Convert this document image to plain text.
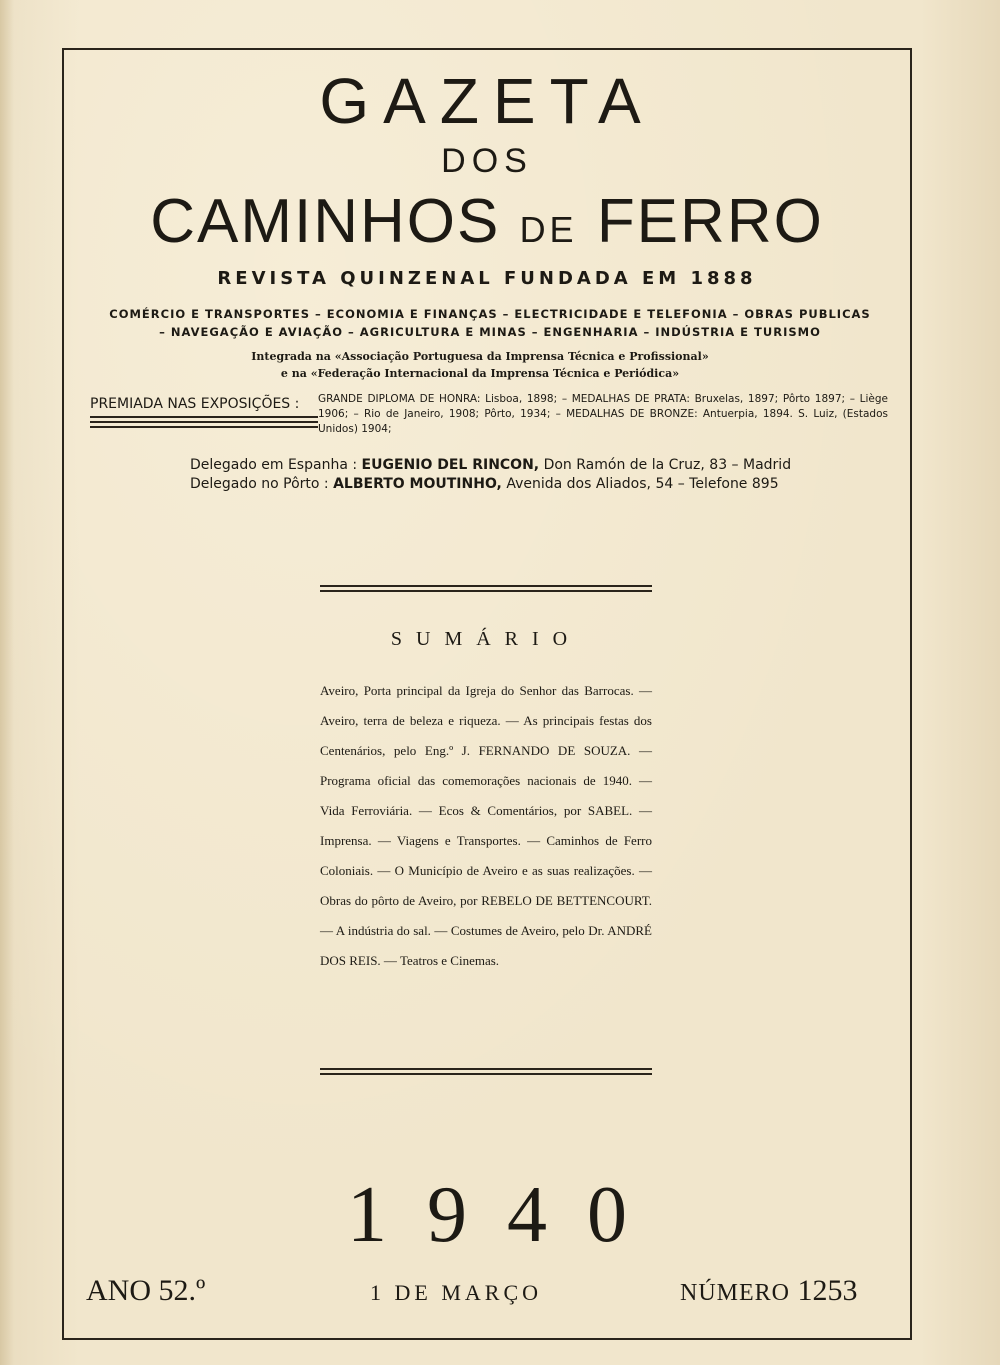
GAZETA
DOS
CAMINHOS DE FERRO
REVISTA QUINZENAL FUNDADA EM 1888
COMÉRCIO E TRANSPORTES – ECONOMIA E FINANÇAS – ELECTRICIDADE E TELEFONIA – OBRAS PUBLICAS
– NAVEGAÇÃO E AVIAÇÃO – AGRICULTURA E MINAS – ENGENHARIA – INDÚSTRIA E TURISMO
Integrada na «Associação Portuguesa da Imprensa Técnica e Profissional»
e na «Federação Internacional da Imprensa Técnica e Periódica»
PREMIADA NAS EXPOSIÇÕES : GRANDE DIPLOMA DE HONRA: Lisboa, 1898; – MEDALHAS DE PRATA: Bruxelas, 1897; Pôrto 1897; – Liège 1906; – Rio de Janeiro, 1908; Pôrto, 1934; – MEDALHAS DE BRONZE: Antuerpia, 1894. S. Luiz, (Estados Unidos) 1904;
Delegado em Espanha : EUGENIO DEL RINCON, Don Ramón de la Cruz, 83 – Madrid
Delegado no Pôrto : ALBERTO MOUTINHO, Avenida dos Aliados, 54 – Telefone 895
SUMÁRIO
Aveiro, Porta principal da Igreja do Senhor das Barrocas. — Aveiro, terra de beleza e riqueza. — As principais festas dos Centenários, pelo Eng.º J. FERNANDO DE SOUZA. — Programa oficial das comemorações nacionais de 1940. — Vida Ferroviária. — Ecos & Comentários, por SABEL. — Imprensa. — Viagens e Transportes. — Caminhos de Ferro Coloniais. — O Município de Aveiro e as suas realizações. — Obras do pôrto de Aveiro, por REBELO DE BETTENCOURT. — A indústria do sal. — Costumes de Aveiro, pelo Dr. ANDRÉ DOS REIS. — Teatros e Cinemas.
1940
ANO 52.º	1 DE MARÇO	NÚMERO 1253
